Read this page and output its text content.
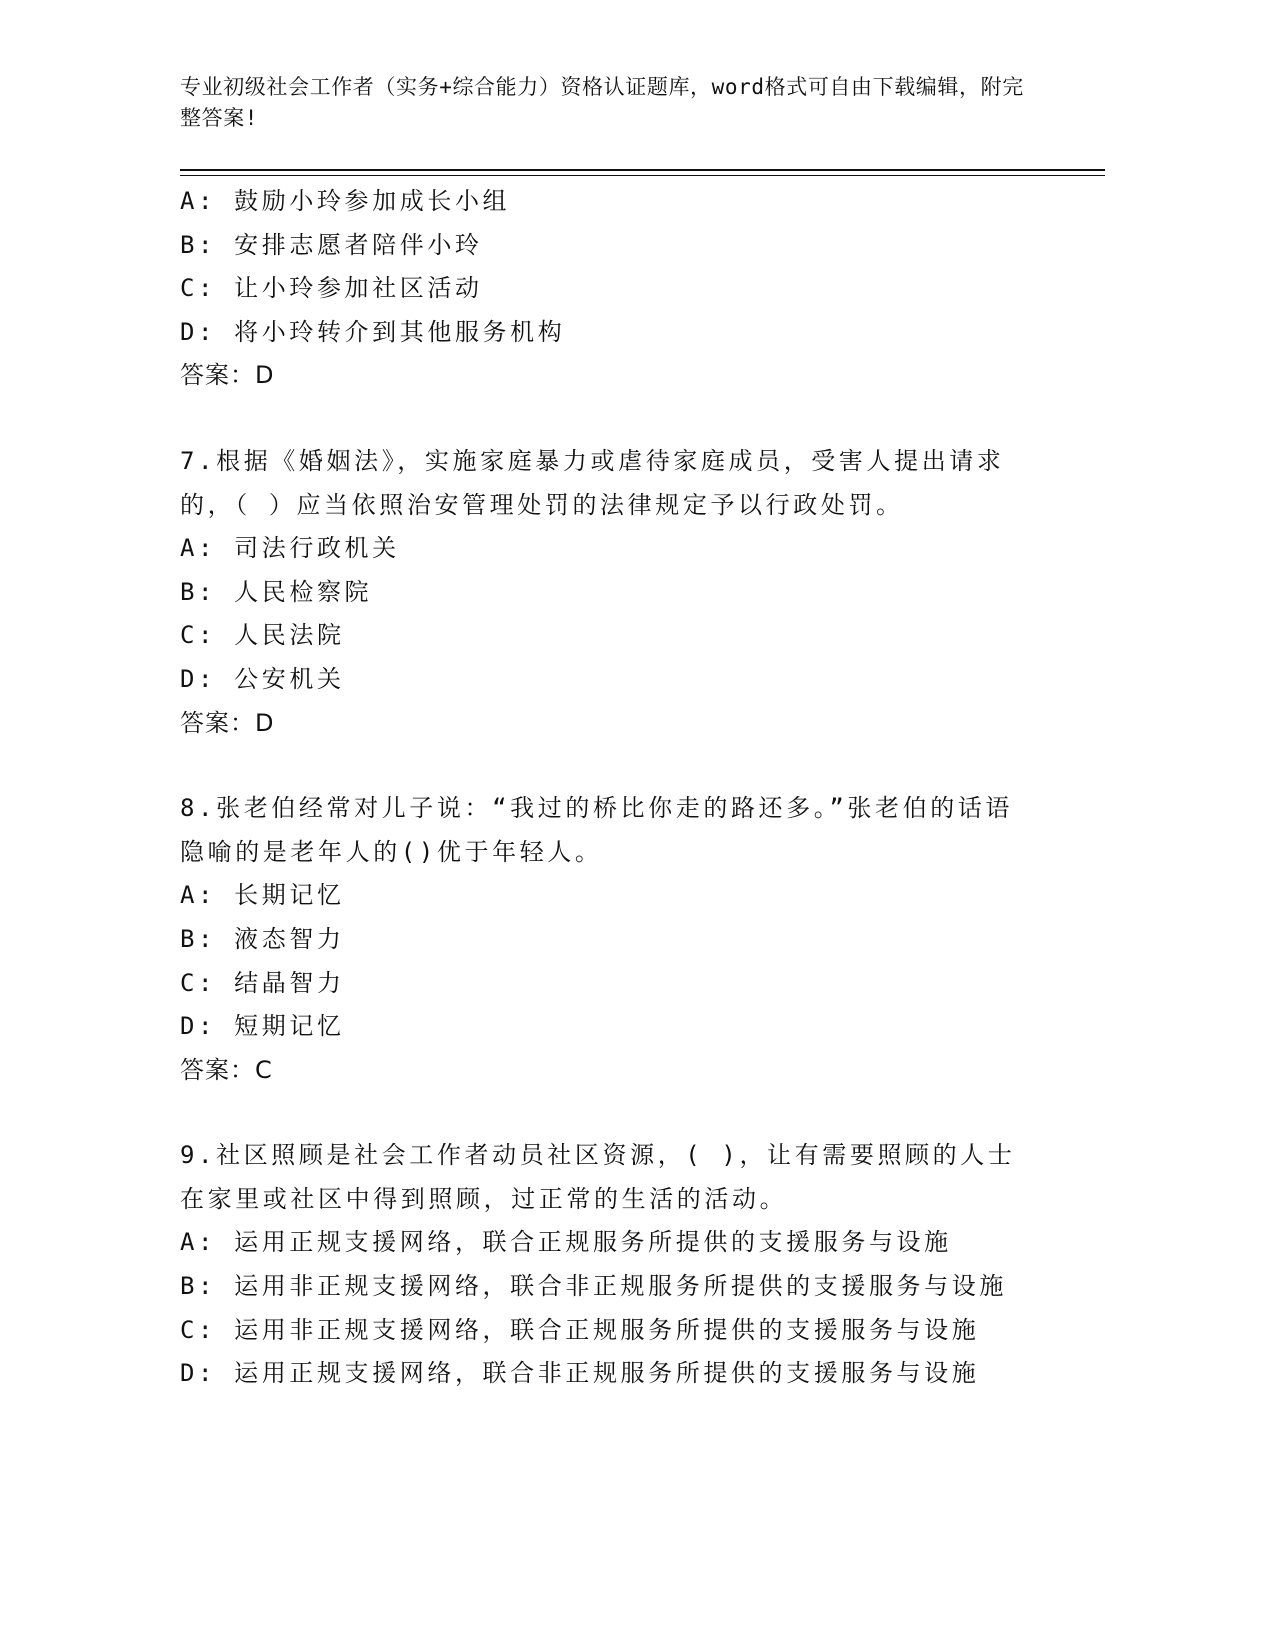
专业初级社会工作者（实务+综合能力）资格认证题库，word格式可自由下载编辑，附完整答案!
A: 鼓励小玲参加成长小组
B: 安排志愿者陪伴小玲
C: 让小玲参加社区活动
D: 将小玲转介到其他服务机构
答案：D
7.根据《婚姻法》，实施家庭暴力或虐待家庭成员，受害人提出请求的，（ ）应当依照治安管理处罚的法律规定予以行政处罚。
A: 司法行政机关
B: 人民检察院
C: 人民法院
D: 公安机关
答案：D
8.张老伯经常对儿子说：“我过的桥比你走的路还多。”张老伯的话语隐喻的是老年人的()优于年轻人。
A: 长期记忆
B: 液态智力
C: 结晶智力
D: 短期记忆
答案：C
9.社区照顾是社会工作者动员社区资源，( )，让有需要照顾的人士在家里或社区中得到照顾，过正常的生活的活动。
A: 运用正规支援网络，联合正规服务所提供的支援服务与设施
B: 运用非正规支援网络，联合非正规服务所提供的支援服务与设施
C: 运用非正规支援网络，联合正规服务所提供的支援服务与设施
D: 运用正规支援网络，联合非正规服务所提供的支援服务与设施
